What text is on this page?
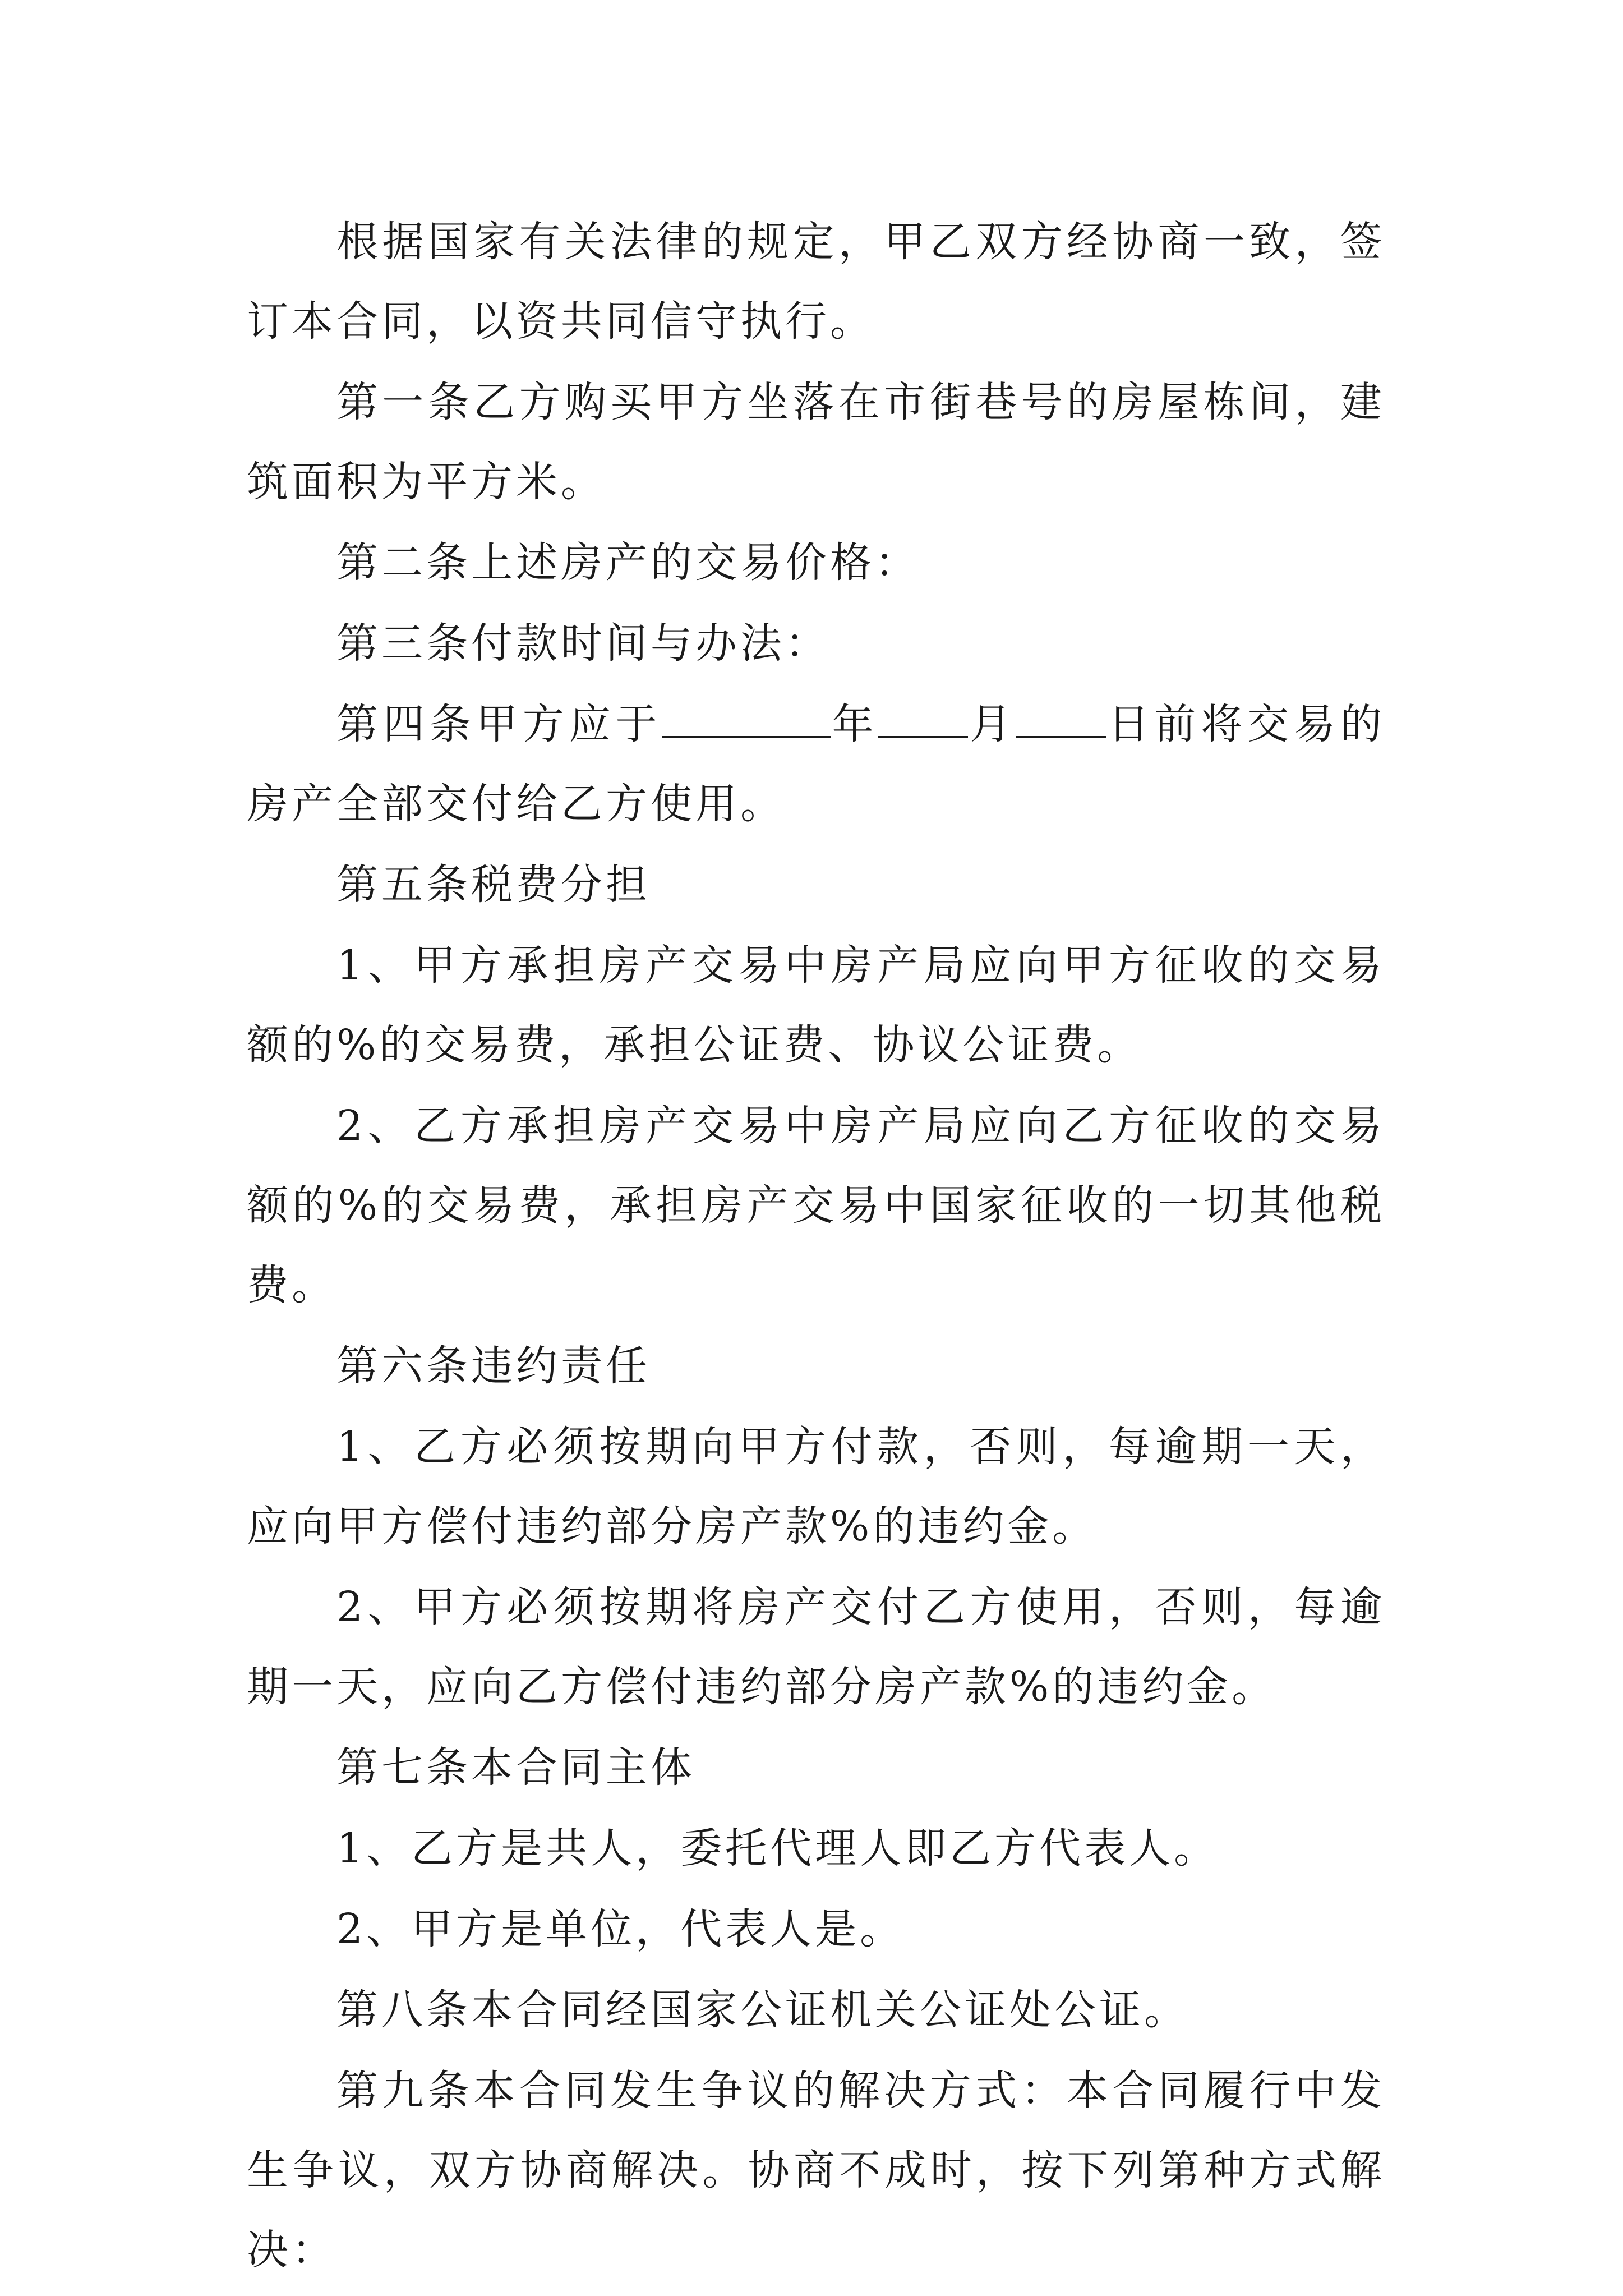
根据国家有关法律的规定，甲乙双方经协商一致，签订本合同，以资共同信守执行。

第一条乙方购买甲方坐落在市街巷号的房屋栋间，建筑面积为平方米。

第二条上述房产的交易价格：

第三条付款时间与办法：

第四条甲方应于	年 月 日前将交易的房产全部交付给乙方使用。

第五条税费分担

1、甲方承担房产交易中房产局应向甲方征收的交易额的%的交易费，承担公证费、协议公证费。

2、乙方承担房产交易中房产局应向乙方征收的交易额的%的交易费，承担房产交易中国家征收的一切其他税费。

第六条违约责任

1、乙方必须按期向甲方付款，否则，每逾期一天，应向甲方偿付违约部分房产款%的违约金。

2、甲方必须按期将房产交付乙方使用，否则，每逾期一天，应向乙方偿付违约部分房产款%的违约金。

第七条本合同主体

1、乙方是共人，委托代理人即乙方代表人。

2、甲方是单位，代表人是。

第八条本合同经国家公证机关公证处公证。

第九条本合同发生争议的解决方式：本合同履行中发生争议，双方协商解决。协商不成时，按下列第种方式解决：
